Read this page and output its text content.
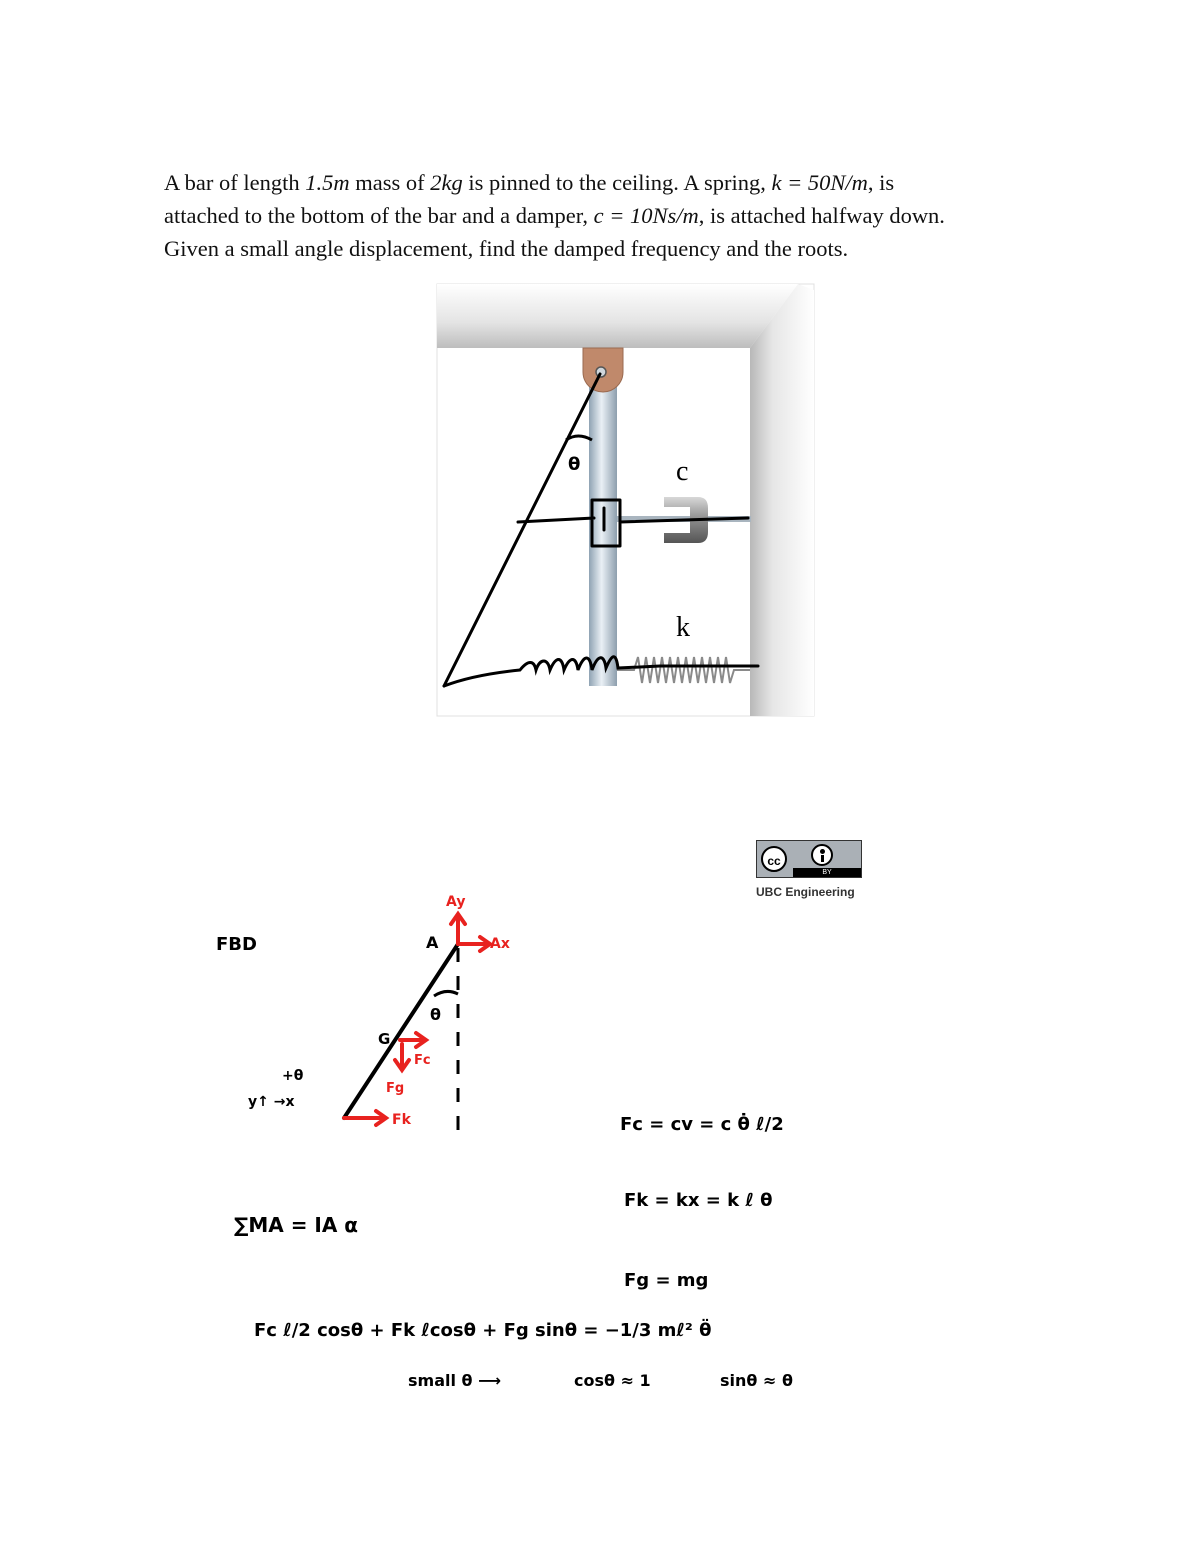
A bar of length 1.5m mass of 2kg is pinned to the ceiling. A spring, k = 50N/m, is

attached to the bottom of the bar and a damper, c = 10Ns/m, is attached halfway down.

Given a small angle displacement, find the damped frequency and the roots.

θ	c
k
FBD	A
θ
G
y↑ →x
+θ
Ay
Ax
Fc
Fg
Fk
∑MA = IA α
Fc = cv = c θ̇ ℓ/2
Fk = kx = k ℓ θ
Fg = mg
Fc ℓ/2 cosθ + Fk ℓcosθ + Fg sinθ = −1/3 mℓ² θ̈
small θ ⟶	cosθ ≈ 1	sinθ ≈ θ
cc
BY
UBC Engineering
